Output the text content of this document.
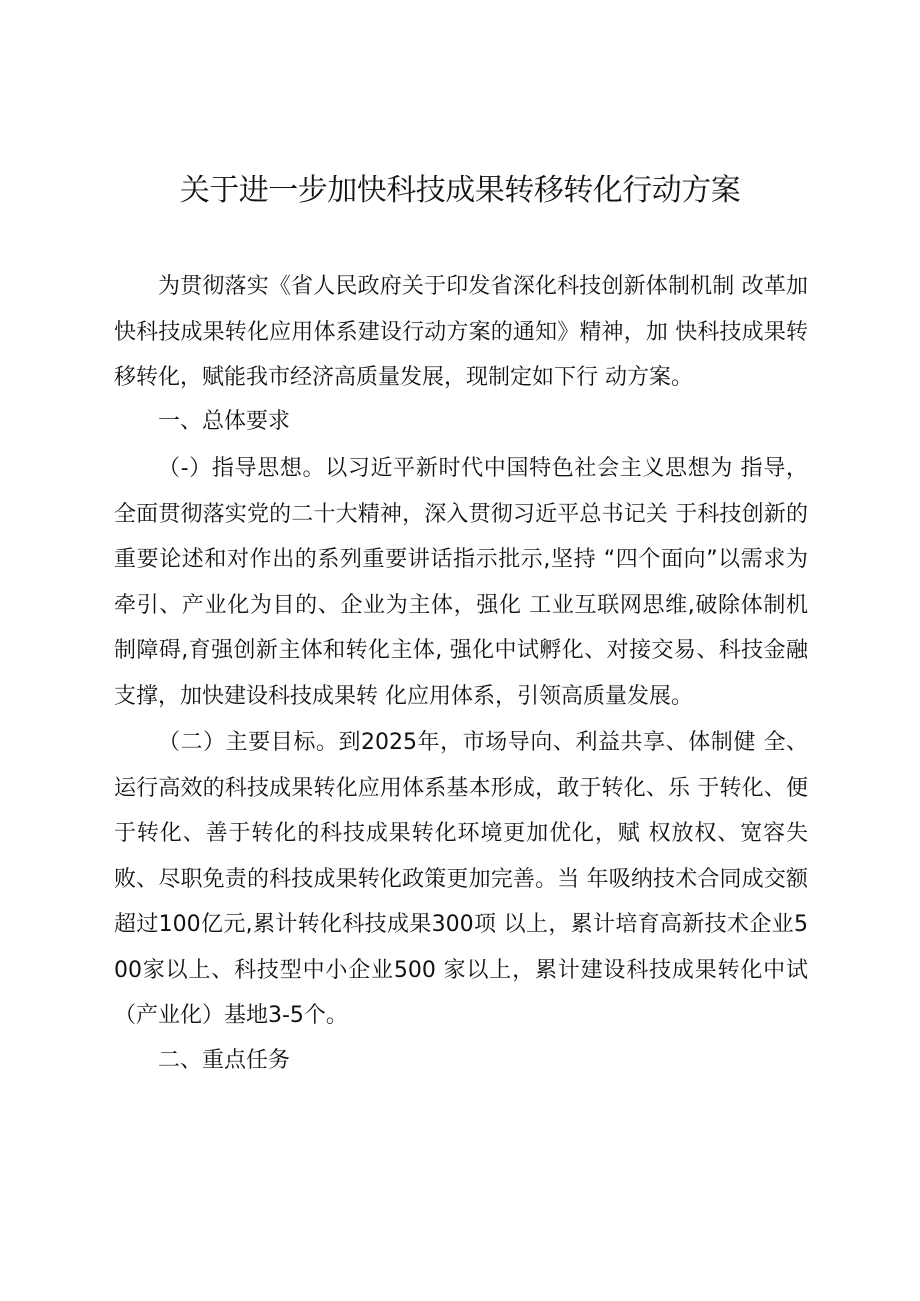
关于进一步加快科技成果转移转化行动方案

为贯彻落实《省人民政府关于印发省深化科技创新体制机制 改革加快科技成果转化应用体系建设行动方案的通知》精神，加 快科技成果转移转化，赋能我市经济高质量发展，现制定如下行 动方案。

一、总体要求

（-）指导思想。以习近平新时代中国特色社会主义思想为 指导，全面贯彻落实党的二十大精神，深入贯彻习近平总书记关 于科技创新的重要论述和对作出的系列重要讲话指示批示,坚持 “四个面向”以需求为牵引、产业化为目的、企业为主体，强化 工业互联网思维,破除体制机制障碍,育强创新主体和转化主体, 强化中试孵化、对接交易、科技金融支撑，加快建设科技成果转 化应用体系，引领高质量发展。

（二）主要目标。到2025年，市场导向、利益共享、体制健 全、运行高效的科技成果转化应用体系基本形成，敢于转化、乐 于转化、便于转化、善于转化的科技成果转化环境更加优化，赋 权放权、宽容失败、尽职免责的科技成果转化政策更加完善。当 年吸纳技术合同成交额超过100亿元,累计转化科技成果300项 以上，累计培育高新技术企业500家以上、科技型中小企业500 家以上，累计建设科技成果转化中试（产业化）基地3-5个。

二、重点任务
